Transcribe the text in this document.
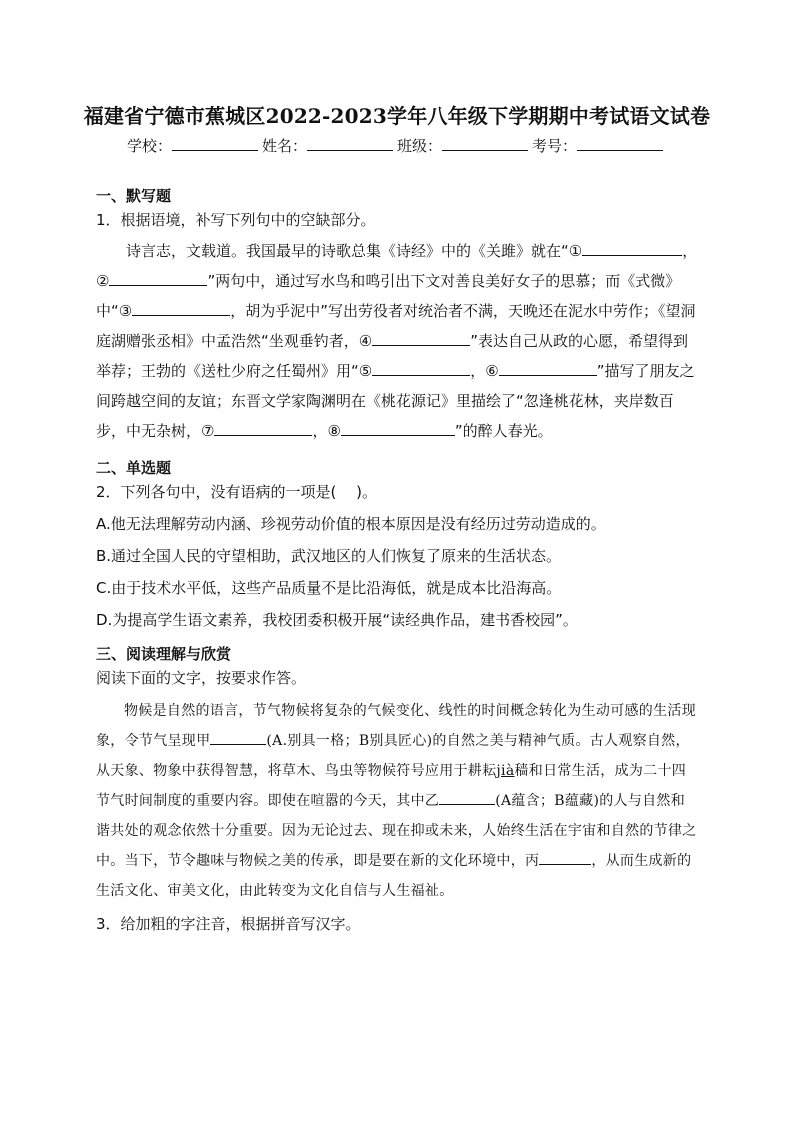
福建省宁德市蕉城区2022-2023学年八年级下学期期中考试语文试卷
学校：	姓名：	班级：	考号：
一、默写题

1．根据语境，补写下列句中的空缺部分。

诗言志，文载道。我国最早的诗歌总集《诗经》中的《关雎》就在“①	，②	”两句中，通过写水鸟和鸣引出下文对善良美好女子的思慕；而《式微》中“③	，胡为乎泥中”写出劳役者对统治者不满，天晚还在泥水中劳作；《望洞庭湖赠张丞相》中孟浩然“坐观垂钓者，④	”表达自己从政的心愿，希望得到举荐；王勃的《送杜少府之任蜀州》用“⑤	，⑥	”描写了朋友之间跨越空间的友谊；东晋文学家陶渊明在《桃花源记》里描绘了“忽逢桃花林，夹岸数百步，中无杂树，⑦	，⑧	”的醉人春光。

二、单选题

2．下列各句中，没有语病的一项是(　 )。

A.他无法理解劳动内涵、珍视劳动价值的根本原因是没有经历过劳动造成的。

B.通过全国人民的守望相助，武汉地区的人们恢复了原来的生活状态。

C.由于技术水平低，这些产品质量不是比沿海低，就是成本比沿海高。

D.为提高学生语文素养，我校团委积极开展“读经典作品，建书香校园”。

三、阅读理解与欣赏

阅读下面的文字，按要求作答。

物候是自然的语言，节气物候将复杂的气候变化、线性的时间概念转化为生动可感的生活现象，令节气呈现甲	(A.别具一格；B别具匠心)的自然之美与精神气质。古人观察自然，从天象、物象中获得智慧，将草木、鸟虫等物候符号应用于耕耘jià穑和日常生活，成为二十四节气时间制度的重要内容。即使在喧嚣的今天，其中乙	(A蕴含；B蕴藏)的人与自然和谐共处的观念依然十分重要。因为无论过去、现在抑或未来，人始终生活在宇宙和自然的节律之中。当下，节令趣味与物候之美的传承，即是要在新的文化环境中，丙	，从而生成新的生活文化、审美文化，由此转变为文化自信与人生福祉。

3．给加粗的字注音，根据拼音写汉字。
